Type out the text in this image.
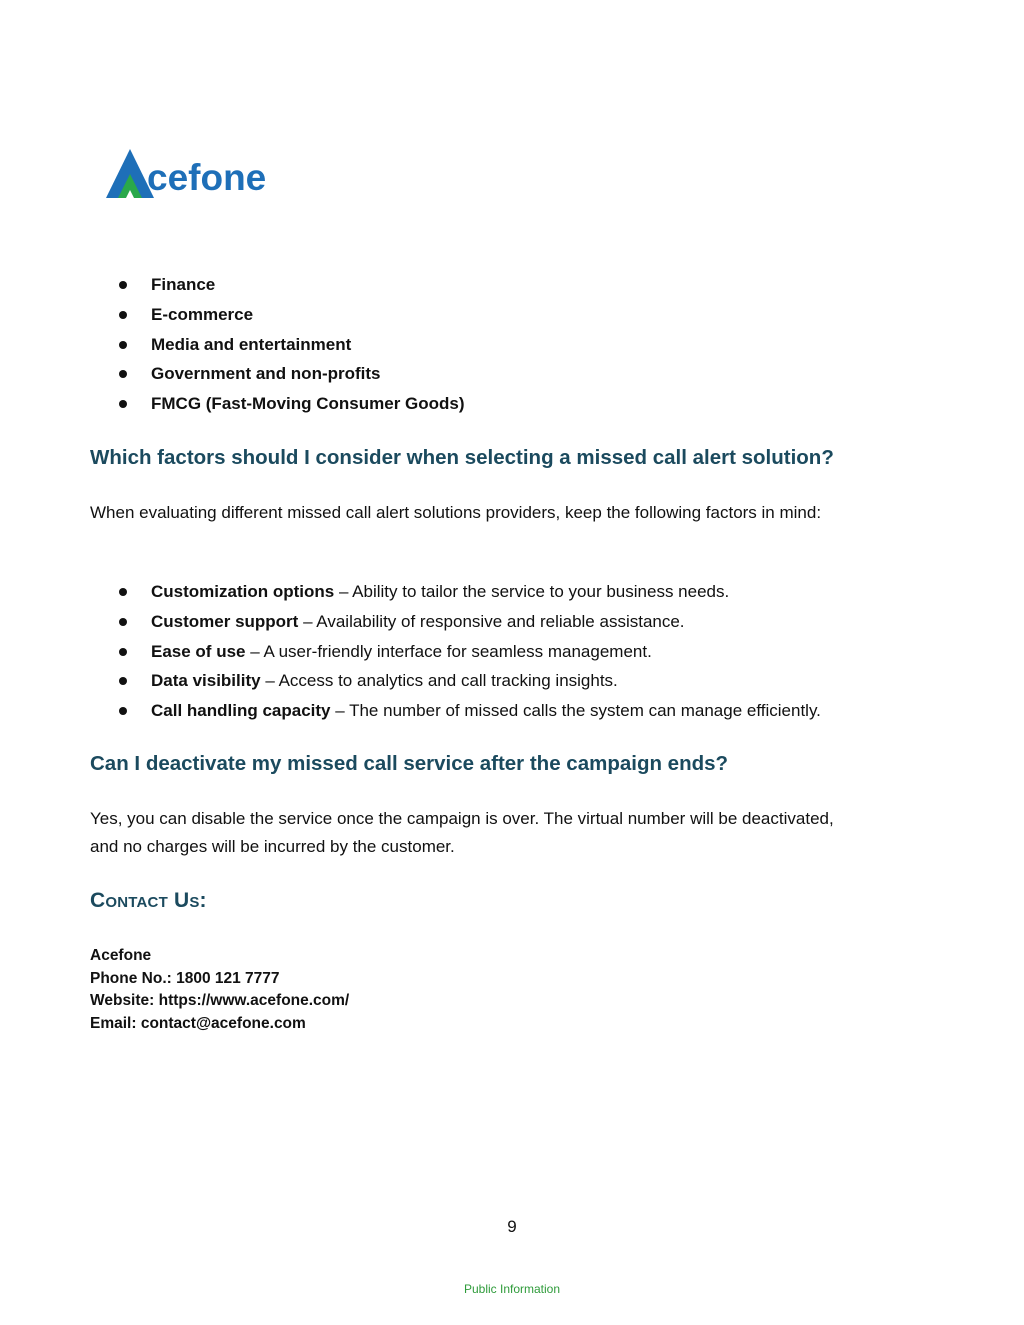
cefone
Finance
E-commerce
Media and entertainment
Government and non-profits
FMCG (Fast-Moving Consumer Goods)
Which factors should I consider when selecting a missed call alert solution?

When evaluating different missed call alert solutions providers, keep the following factors in mind:

Customization options – Ability to tailor the service to your business needs.
Customer support – Availability of responsive and reliable assistance.
Ease of use – A user-friendly interface for seamless management.
Data visibility – Access to analytics and call tracking insights.
Call handling capacity – The number of missed calls the system can manage efficiently.
Can I deactivate my missed call service after the campaign ends?

Yes, you can disable the service once the campaign is over. The virtual number will be deactivated, and no charges will be incurred by the customer.

Contact Us:
Acefone
Phone No.: 1800 121 7777
Website: https://www.acefone.com/
Email: contact@acefone.com
9
Public Information
